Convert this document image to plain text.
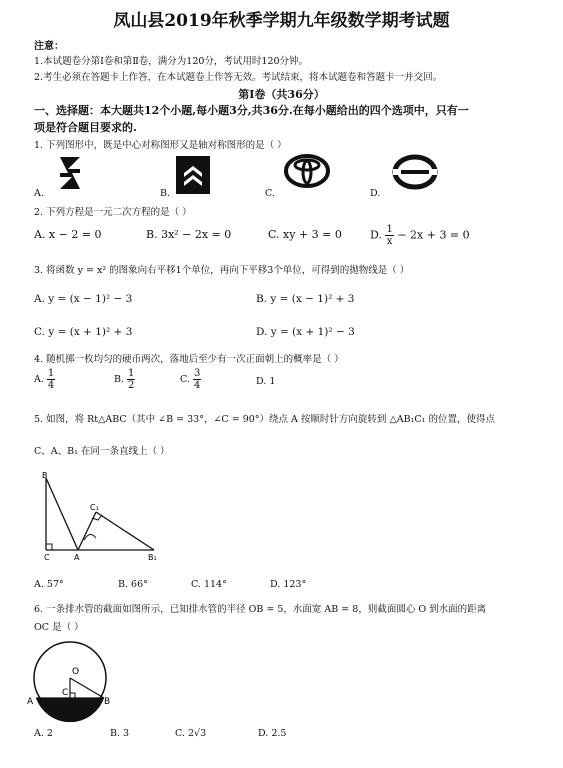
凤山县2019年秋季学期九年级数学期考试题
注意：
1.本试题卷分第Ⅰ卷和第Ⅱ卷，满分为120分，考试用时120分钟。
2.考生必须在答题卡上作答，在本试题卷上作答无效。考试结束，将本试题卷和答题卡一并交回。
第Ⅰ卷（共36分）
一、选择题：本大题共12个小题,每小题3分,共36分.在每小题给出的四个选项中，只有一
项是符合题目要求的.
1. 下列图形中，既是中心对称图形又是轴对称图形的是（ ）
A.	B.	C.	D.
2. 下列方程是一元二次方程的是（ ）
A. x − 2 = 0	B. 3x² − 2x = 0	C. xy + 3 = 0	D. $\frac{1}{x} - 2x + 3 = 0$
3. 将函数 y = x² 的图象向右平移1个单位，再向下平移3个单位，可得到的抛物线是（ ）
A. y = (x − 1)² − 3	B. y = (x − 1)² + 3
C. y = (x + 1)² + 3	D. y = (x + 1)² − 3
4. 随机掷一枚均匀的硬币两次，落地后至少有一次正面朝上的概率是（ ）
A. $\frac{1}{4}$	B. $\frac{1}{2}$	C. $\frac{3}{4}$	D. 1
5. 如图，将 Rt△ABC（其中 ∠B = 33°，∠C = 90°）绕点 A 按顺时针方向旋转到 △AB₁C₁ 的位置，使得点
C、A、B₁ 在同一条直线上（ ）
B
C₁
C	A	B₁
A. 57°	B. 66°	C. 114°	D. 123°
6. 一条排水管的截面如图所示，已知排水管的半径 OB = 5，水面宽 AB = 8，则截面圆心 O 到水面的距离
OC 是（ ）
O
A
C
B
A. 2	B. 3	C. 2√3	D. 2.5
